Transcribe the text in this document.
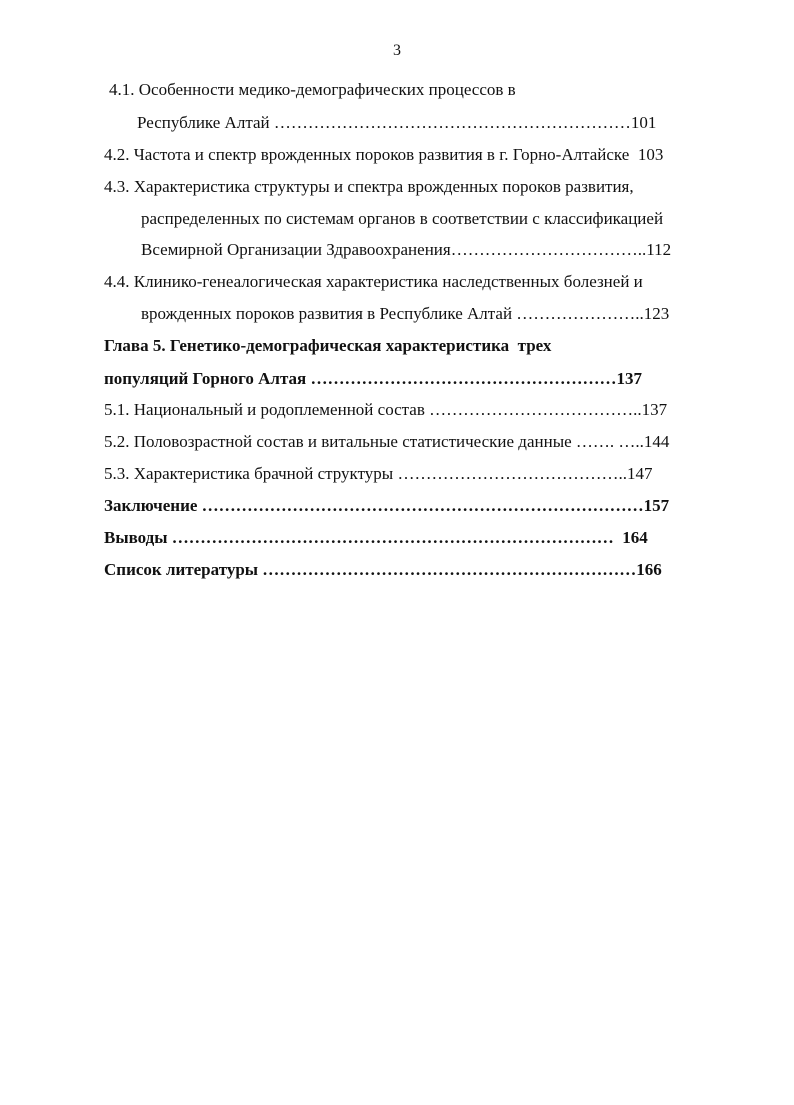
3
4.1. Особенности медико-демографических процессов в
Республике Алтай ………………………………………………………101
4.2. Частота и спектр врожденных пороков развития в г. Горно-Алтайске  103
4.3. Характеристика структуры и спектра врожденных пороков развития,
распределенных по системам органов в соответствии с классификацией
Всемирной Организации Здравоохранения……………………………..112
4.4. Клинико-генеалогическая характеристика наследственных болезней и
врожденных пороков развития в Республике Алтай …………………..123
Глава 5. Генетико-демографическая характеристика  трех
популяций Горного Алтая ………………………………………………137
5.1. Национальный и родоплеменной состав ………………………………..137
5.2. Половозрастной состав и витальные статистические данные ……. …..144
5.3. Характеристика брачной структуры …………………………………..147
Заключение ……………………………………………………………………157
Выводы ……………………………………………………………………  164
Список литературы …………………………………………………………166
